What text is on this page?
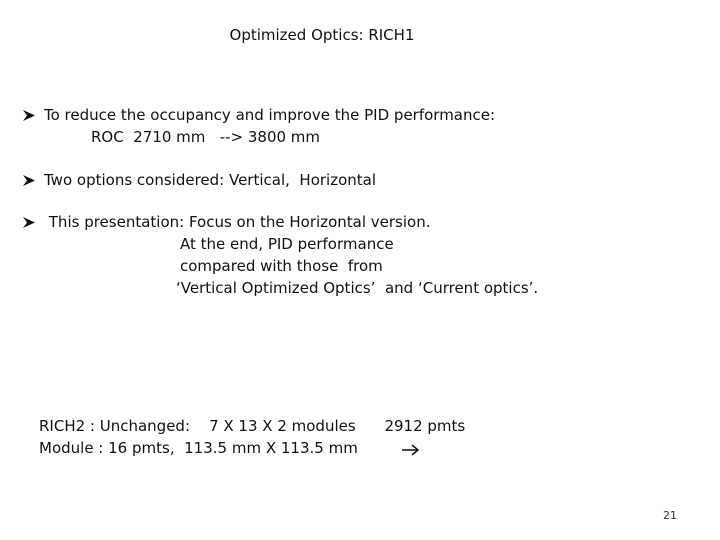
Optimized Optics: RICH1
To reduce the occupancy and improve the PID performance:
ROC  2710 mm   --> 3800 mm
Two options considered: Vertical,  Horizontal
This presentation: Focus on the Horizontal version.
At the end, PID performance
compared with those  from
‘Vertical Optimized Optics’  and ‘Current optics’.
RICH2 : Unchanged:    7 X 13 X 2 modules

2912 pmts
Module : 16 pmts,  113.5 mm X 113.5 mm
21
